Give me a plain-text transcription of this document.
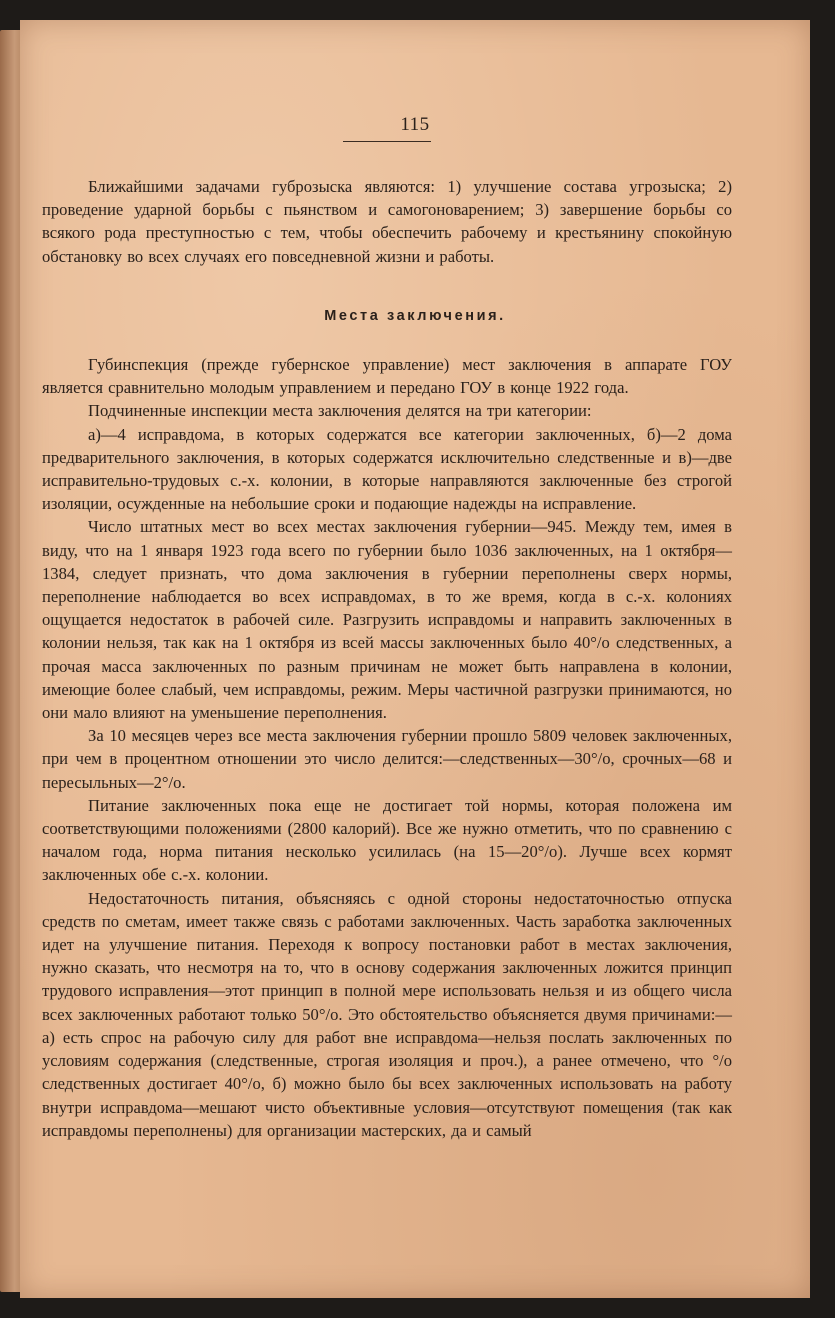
115

Ближайшими задачами губрозыска являются: 1) улучшение состава угрозыска; 2) проведение ударной борьбы с пьянством и самогоноварением; 3) завершение борьбы со всякого рода преступностью с тем, чтобы обеспечить рабочему и крестьянину спокойную обстановку во всех случаях его повседневной жизни и работы.

Места заключения.

Губинспекция (прежде губернское управление) мест заключения в аппарате ГОУ является сравнительно молодым управлением и передано ГОУ в конце 1922 года.

Подчиненные инспекции места заключения делятся на три категории:

а)—4 исправдома, в которых содержатся все категории заключенных, б)—2 дома предварительного заключения, в которых содержатся исключительно следственные и в)—две исправительно-трудовых с.-х. колонии, в которые направляются заключенные без строгой изоляции, осужденные на небольшие сроки и подающие надежды на исправление.

Число штатных мест во всех местах заключения губернии—945. Между тем, имея в виду, что на 1 января 1923 года всего по губернии было 1036 заключенных, на 1 октября—1384, следует признать, что дома заключения в губернии переполнены сверх нормы, переполнение наблюдается во всех исправдомах, в то же время, когда в с.-х. колониях ощущается недостаток в рабочей силе. Разгрузить исправдомы и направить заключенных в колонии нельзя, так как на 1 октября из всей массы заключенных было 40°/о следственных, а прочая масса заключенных по разным причинам не может быть направлена в колонии, имеющие более слабый, чем исправдомы, режим. Меры частичной разгрузки принимаются, но они мало влияют на уменьшение переполнения.

За 10 месяцев через все места заключения губернии прошло 5809 человек заключенных, при чем в процентном отношении это число делится:—следственных—30°/о, срочных—68 и пересыльных—2°/о.

Питание заключенных пока еще не достигает той нормы, которая положена им соответствующими положениями (2800 калорий). Все же нужно отметить, что по сравнению с началом года, норма питания несколько усилилась (на 15—20°/о). Лучше всех кормят заключенных обе с.-х. колонии.

Недостаточность питания, объясняясь с одной стороны недостаточностью отпуска средств по сметам, имеет также связь с работами заключенных. Часть заработка заключенных идет на улучшение питания. Переходя к вопросу постановки работ в местах заключения, нужно сказать, что несмотря на то, что в основу содержания заключенных ложится принцип трудового исправления—этот принцип в полной мере использовать нельзя и из общего числа всех заключенных работают только 50°/о. Это обстоятельство объясняется двумя причинами:—а) есть спрос на рабочую силу для работ вне исправдома—нельзя послать заключенных по условиям содержания (следственные, строгая изоляция и проч.), а ранее отмечено, что °/о следственных достигает 40°/о, б) можно было бы всех заключенных использовать на работу внутри исправдома—мешают чисто объективные условия—отсутствуют помещения (так как исправдомы переполнены) для организации мастерских, да и самый
